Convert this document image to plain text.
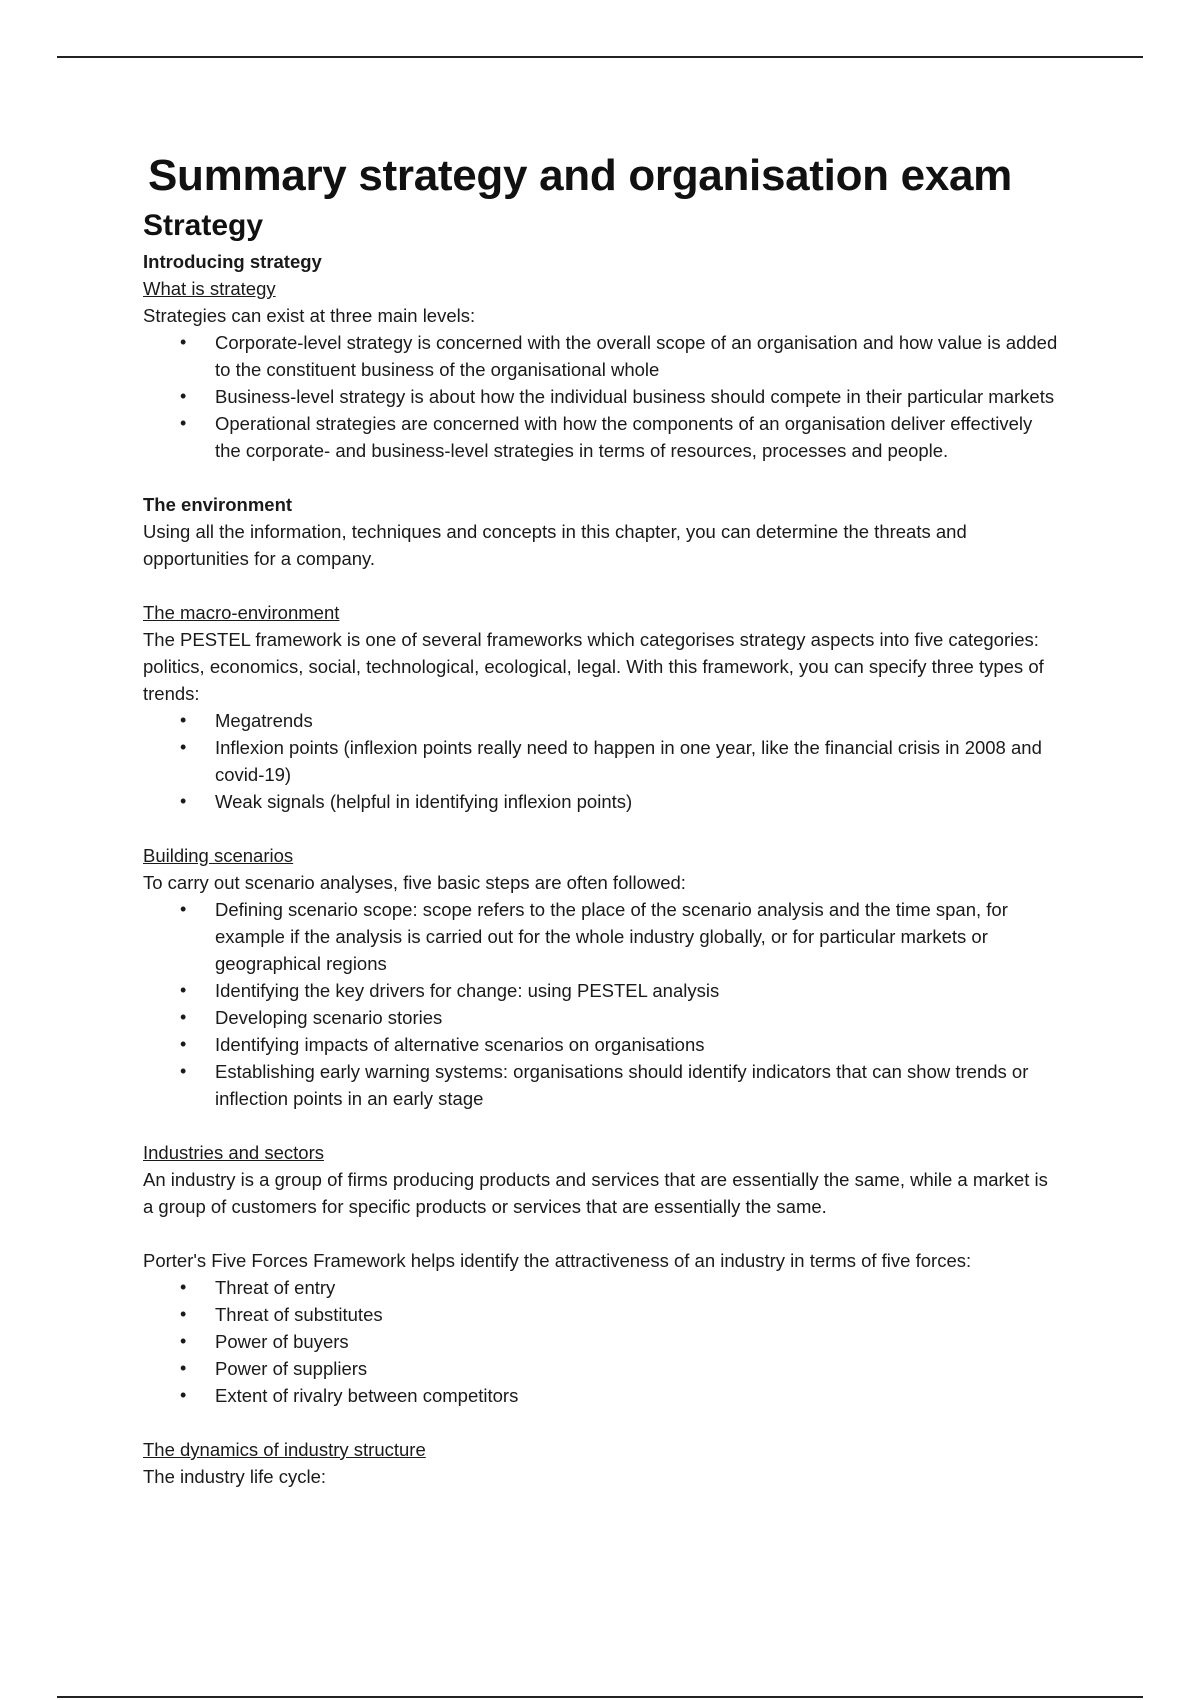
Summary strategy and organisation exam
Strategy
Introducing strategy
What is strategy

Strategies can exist at three main levels:

• Corporate-level strategy is concerned with the overall scope of an organisation and how value is added to the constituent business of the organisational whole
• Business-level strategy is about how the individual business should compete in their particular markets
• Operational strategies are concerned with how the components of an organisation deliver effectively the corporate- and business-level strategies in terms of resources, processes and people.
The environment

Using all the information, techniques and concepts in this chapter, you can determine the threats and opportunities for a company.

The macro-environment

The PESTEL framework is one of several frameworks which categorises strategy aspects into five categories: politics, economics, social, technological, ecological, legal. With this framework, you can specify three types of trends:

• Megatrends
• Inflexion points (inflexion points really need to happen in one year, like the financial crisis in 2008 and covid-19)
• Weak signals (helpful in identifying inflexion points)
Building scenarios

To carry out scenario analyses, five basic steps are often followed:

• Defining scenario scope: scope refers to the place of the scenario analysis and the time span, for example if the analysis is carried out for the whole industry globally, or for particular markets or geographical regions
• Identifying the key drivers for change: using PESTEL analysis
• Developing scenario stories
• Identifying impacts of alternative scenarios on organisations
• Establishing early warning systems: organisations should identify indicators that can show trends or inflection points in an early stage
Industries and sectors

An industry is a group of firms producing products and services that are essentially the same, while a market is a group of customers for specific products or services that are essentially the same.

Porter's Five Forces Framework helps identify the attractiveness of an industry in terms of five forces:

• Threat of entry
• Threat of substitutes
• Power of buyers
• Power of suppliers
• Extent of rivalry between competitors
The dynamics of industry structure

The industry life cycle:
